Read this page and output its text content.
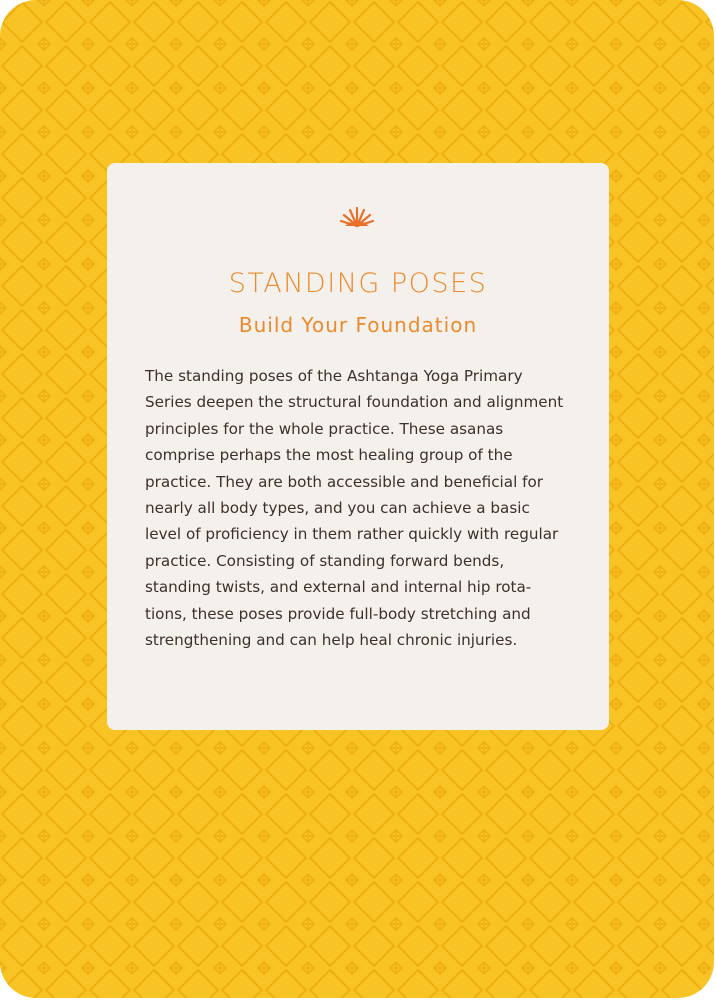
STANDING POSES
Build Your Foundation

The standing poses of the Ashtanga Yoga Primary
Series deepen the structural foundation and alignment
principles for the whole practice. These asanas
comprise perhaps the most healing group of the
practice. They are both accessible and beneficial for
nearly all body types, and you can achieve a basic
level of proficiency in them rather quickly with regular
practice. Consisting of standing forward bends,
standing twists, and external and internal hip rota-
tions, these poses provide full-body stretching and
strengthening and can help heal chronic injuries.
